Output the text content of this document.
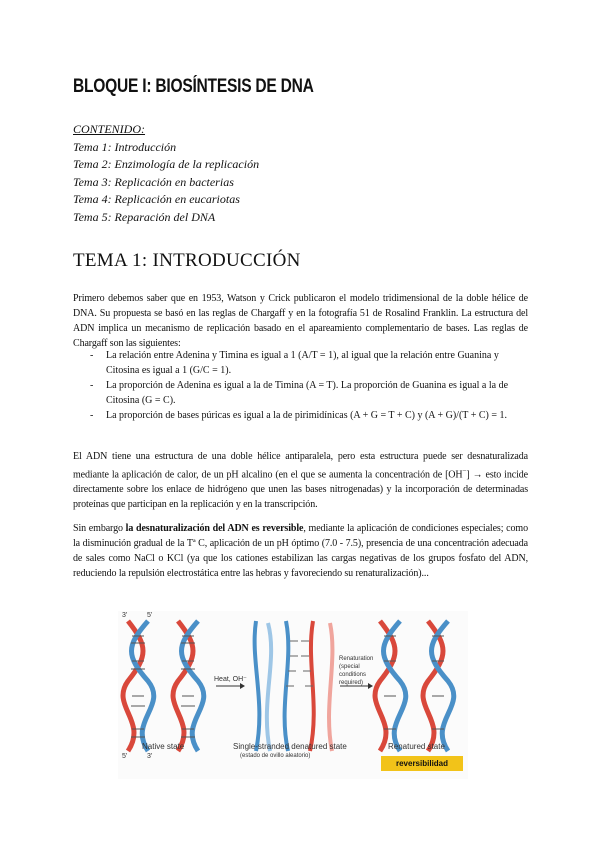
BLOQUE I: BIOSÍNTESIS DE DNA
CONTENIDO:
Tema 1: Introducción
Tema 2: Enzimología de la replicación
Tema 3: Replicación en bacterias
Tema 4: Replicación en eucariotas
Tema 5: Reparación del DNA
TEMA 1: INTRODUCCIÓN
Primero debemos saber que en 1953, Watson y Crick publicaron el modelo tridimensional de la doble hélice de DNA. Su propuesta se basó en las reglas de Chargaff y en la fotografía 51 de Rosalind Franklin. La estructura del ADN implica un mecanismo de replicación basado en el apareamiento complementario de bases. Las reglas de Chargaff son las siguientes:
- La relación entre Adenina y Timina es igual a 1 (A/T = 1), al igual que la relación entre Guanina y Citosina es igual a 1 (G/C = 1).
- La proporción de Adenina es igual a la de Timina (A = T). La proporción de Guanina es igual a la de Citosina (G = C).
- La proporción de bases púricas es igual a la de pirimidínicas (A + G = T + C) y (A + G)/(T + C) = 1.
El ADN tiene una estructura de una doble hélice antiparalela, pero esta estructura puede ser desnaturalizada mediante la aplicación de calor, de un pH alcalino (en el que se aumenta la concentración de [OH−] → esto incide directamente sobre los enlace de hidrógeno que unen las bases nitrogenadas) y la incorporación de determinadas proteínas que participan en la replicación y en la transcripción.
Sin embargo la desnaturalización del ADN es reversible, mediante la aplicación de condiciones especiales; como la disminución gradual de la Tª C, aplicación de un pH óptimo (7.0 - 7.5), presencia de una concentración adecuada de sales como NaCl o KCl (ya que los cationes estabilizan las cargas negativas de los grupos fosfato del ADN, reduciendo la repulsión electrostática entre las hebras y favoreciendo su renaturalización)...
3'	5'
5'	3'
Heat, OH⁻
Renaturation (special conditions required)
Native state	Single-stranded denatured state
(estado de ovillo aleatorio)
Renatured state
reversibilidad
